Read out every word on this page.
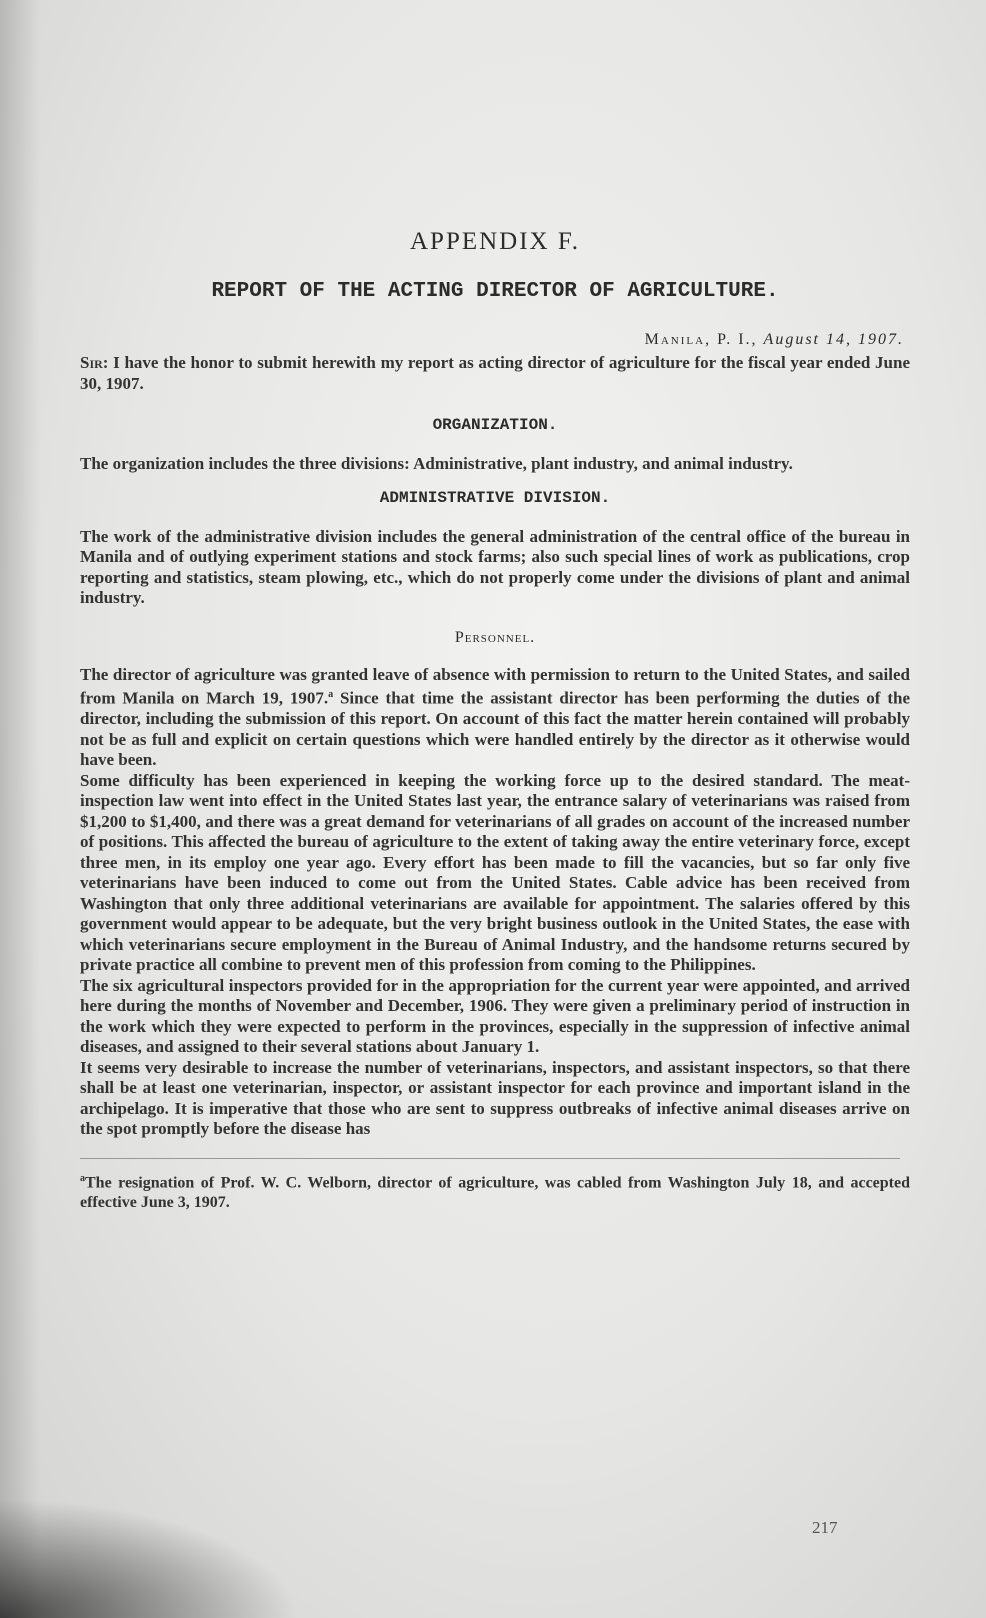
APPENDIX F.
REPORT OF THE ACTING DIRECTOR OF AGRICULTURE.
Manila, P. I., August 14, 1907.

Sir: I have the honor to submit herewith my report as acting director of agriculture for the fiscal year ended June 30, 1907.

ORGANIZATION.

The organization includes the three divisions: Administrative, plant industry, and animal industry.

ADMINISTRATIVE DIVISION.

The work of the administrative division includes the general administration of the central office of the bureau in Manila and of outlying experiment stations and stock farms; also such special lines of work as publications, crop reporting and statistics, steam plowing, etc., which do not properly come under the divisions of plant and animal industry.

Personnel.

The director of agriculture was granted leave of absence with permission to return to the United States, and sailed from Manila on March 19, 1907.$^a$ Since that time the assistant director has been performing the duties of the director, including the submission of this report. On account of this fact the matter herein contained will probably not be as full and explicit on certain questions which were handled entirely by the director as it otherwise would have been.

Some difficulty has been experienced in keeping the working force up to the desired standard. The meat-inspection law went into effect in the United States last year, the entrance salary of veterinarians was raised from $1,200 to $1,400, and there was a great demand for veterinarians of all grades on account of the increased number of positions. This affected the bureau of agriculture to the extent of taking away the entire veterinary force, except three men, in its employ one year ago. Every effort has been made to fill the vacancies, but so far only five veterinarians have been induced to come out from the United States. Cable advice has been received from Washington that only three additional veterinarians are available for appointment. The salaries offered by this government would appear to be adequate, but the very bright business outlook in the United States, the ease with which veterinarians secure employment in the Bureau of Animal Industry, and the handsome returns secured by private practice all combine to prevent men of this profession from coming to the Philippines.

The six agricultural inspectors provided for in the appropriation for the current year were appointed, and arrived here during the months of November and December, 1906. They were given a preliminary period of instruction in the work which they were expected to perform in the provinces, especially in the suppression of infective animal diseases, and assigned to their several stations about January 1.

It seems very desirable to increase the number of veterinarians, inspectors, and assistant inspectors, so that there shall be at least one veterinarian, inspector, or assistant inspector for each province and important island in the archipelago. It is imperative that those who are sent to suppress outbreaks of infective animal diseases arrive on the spot promptly before the disease has

$^a$The resignation of Prof. W. C. Welborn, director of agriculture, was cabled from Washington July 18, and accepted effective June 3, 1907.

217
